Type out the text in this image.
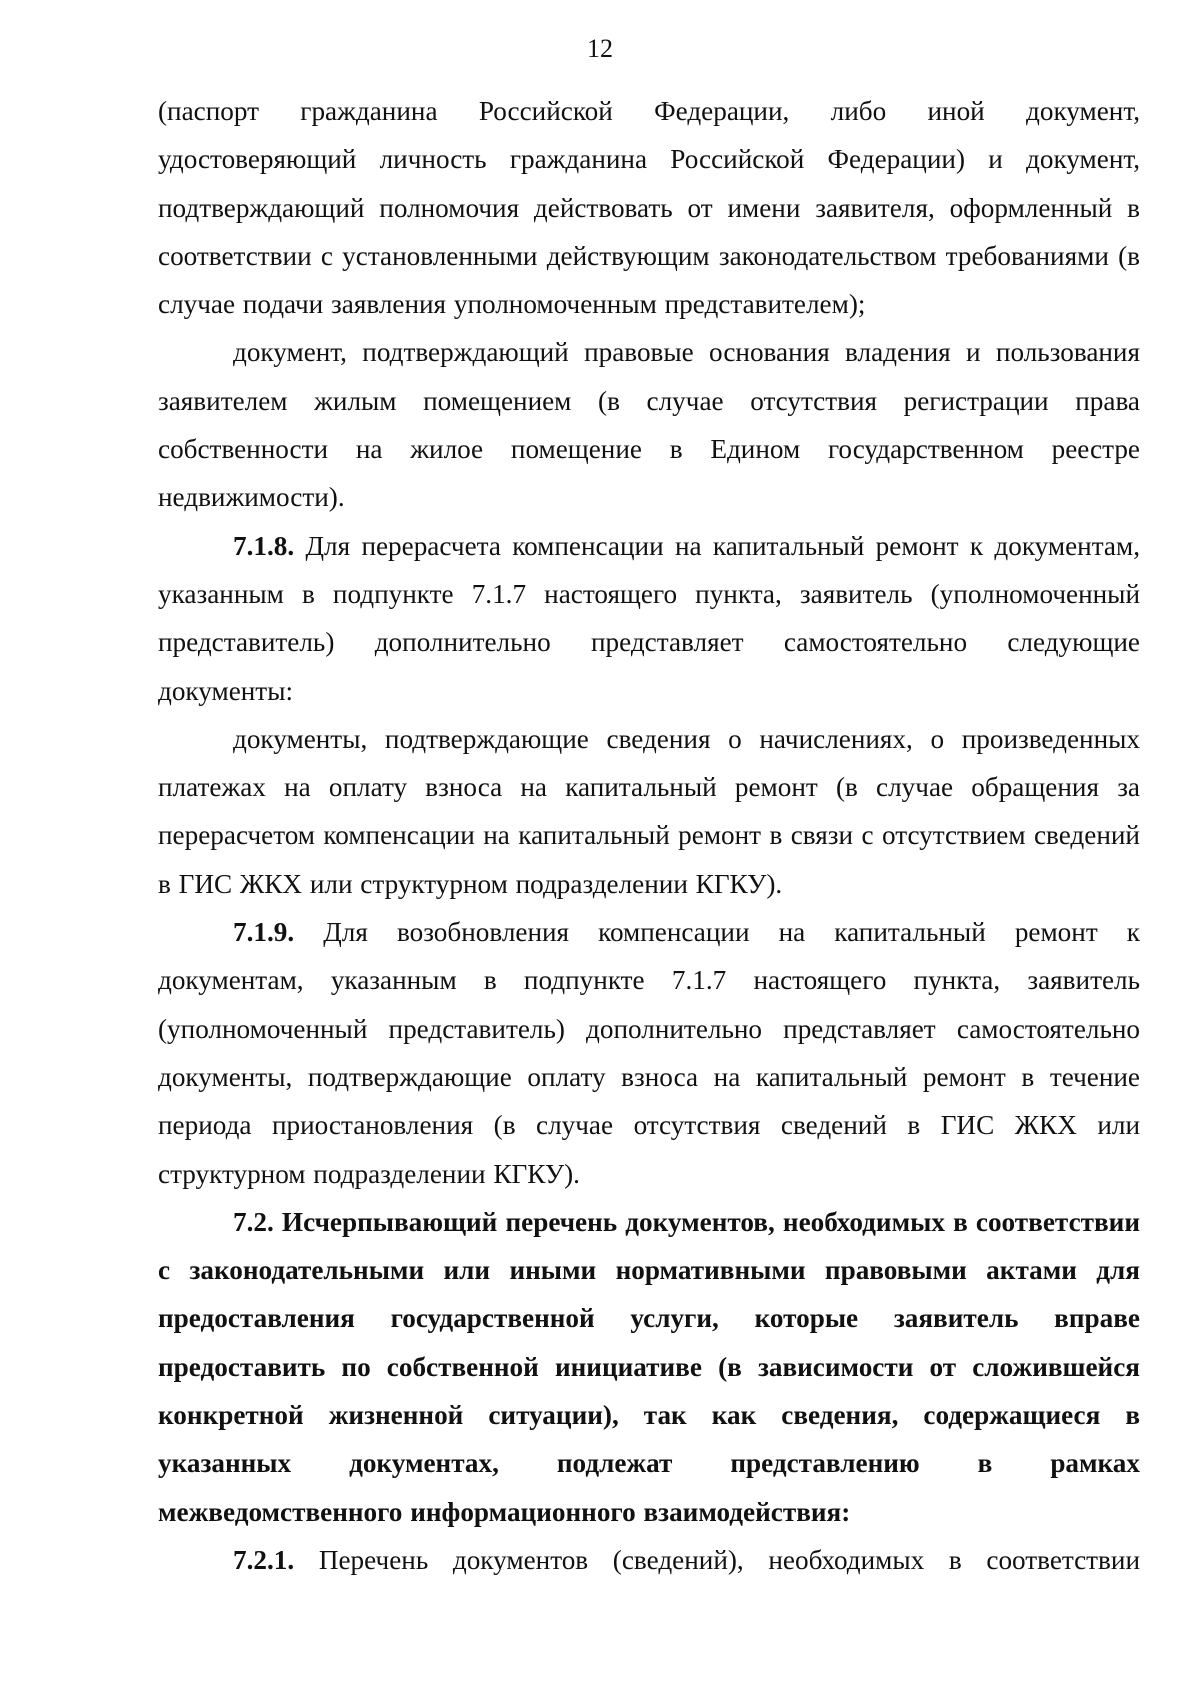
12

(паспорт гражданина Российской Федерации, либо иной документ, удостоверяющий личность гражданина Российской Федерации) и документ, подтверждающий полномочия действовать от имени заявителя, оформленный в соответствии с установленными действующим законодательством требованиями (в случае подачи заявления уполномоченным представителем);

документ, подтверждающий правовые основания владения и пользования заявителем жилым помещением (в случае отсутствия регистрации права собственности на жилое помещение в Едином государственном реестре недвижимости).

7.1.8. Для перерасчета компенсации на капитальный ремонт к документам, указанным в подпункте 7.1.7 настоящего пункта, заявитель (уполномоченный представитель) дополнительно представляет самостоятельно следующие документы:

документы, подтверждающие сведения о начислениях, о произведенных платежах на оплату взноса на капитальный ремонт (в случае обращения за перерасчетом компенсации на капитальный ремонт в связи с отсутствием сведений в ГИС ЖКХ или структурном подразделении КГКУ).

7.1.9. Для возобновления компенсации на капитальный ремонт к документам, указанным в подпункте 7.1.7 настоящего пункта, заявитель (уполномоченный представитель) дополнительно представляет самостоятельно документы, подтверждающие оплату взноса на капитальный ремонт в течение периода приостановления (в случае отсутствия сведений в ГИС ЖКХ или структурном подразделении КГКУ).

7.2. Исчерпывающий перечень документов, необходимых в соответствии с законодательными или иными нормативными правовыми актами для предоставления государственной услуги, которые заявитель вправе предоставить по собственной инициативе (в зависимости от сложившейся конкретной жизненной ситуации), так как сведения, содержащиеся в указанных документах, подлежат представлению в рамках межведомственного информационного взаимодействия:

7.2.1. Перечень документов (сведений), необходимых в соответствии
